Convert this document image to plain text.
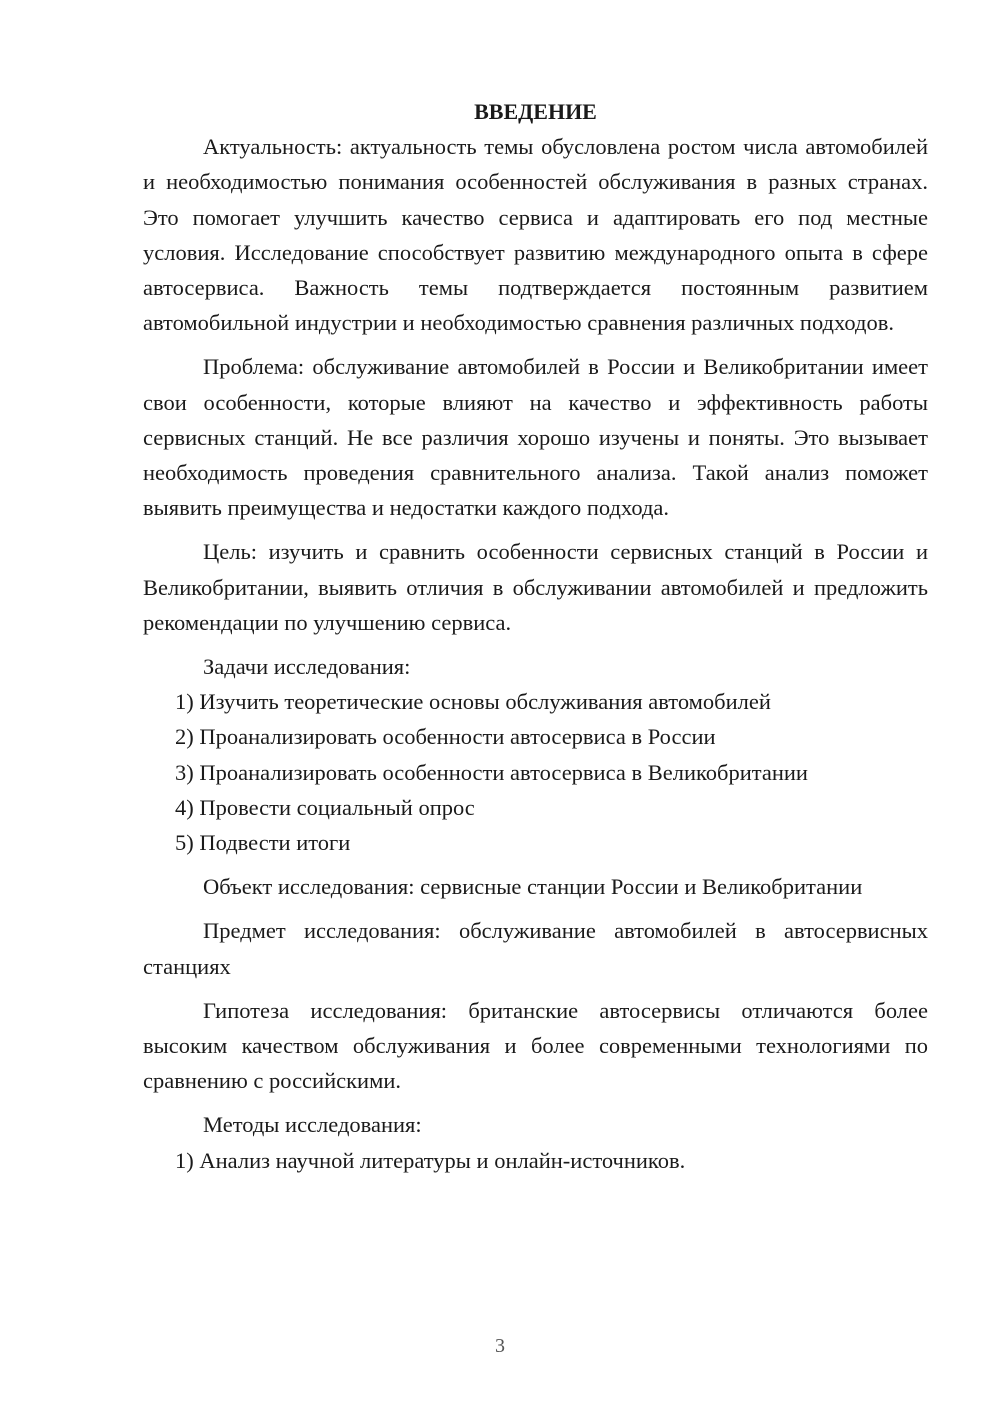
ВВЕДЕНИЕ

Актуальность: актуальность темы обусловлена ростом числа автомобилей и необходимостью понимания особенностей обслуживания в разных странах. Это помогает улучшить качество сервиса и адаптировать его под местные условия. Исследование способствует развитию международного опыта в сфере автосервиса. Важность темы подтверждается постоянным развитием автомобильной индустрии и необходимостью сравнения различных подходов.

Проблема: обслуживание автомобилей в России и Великобритании имеет свои особенности, которые влияют на качество и эффективность работы сервисных станций. Не все различия хорошо изучены и поняты. Это вызывает необходимость проведения сравнительного анализа. Такой анализ поможет выявить преимущества и недостатки каждого подхода.

Цель: изучить и сравнить особенности сервисных станций в России и Великобритании, выявить отличия в обслуживании автомобилей и предложить рекомендации по улучшению сервиса.

Задачи исследования:

1) Изучить теоретические основы обслуживания автомобилей

2) Проанализировать особенности автосервиса в России

3) Проанализировать особенности автосервиса в Великобритании

4) Провести социальный опрос

5) Подвести итоги

Объект исследования: сервисные станции России и Великобритании

Предмет исследования: обслуживание автомобилей в автосервисных станциях

Гипотеза исследования: британские автосервисы отличаются более высоким качеством обслуживания и более современными технологиями по сравнению с российскими.

Методы исследования:

1) Анализ научной литературы и онлайн-источников.

3
